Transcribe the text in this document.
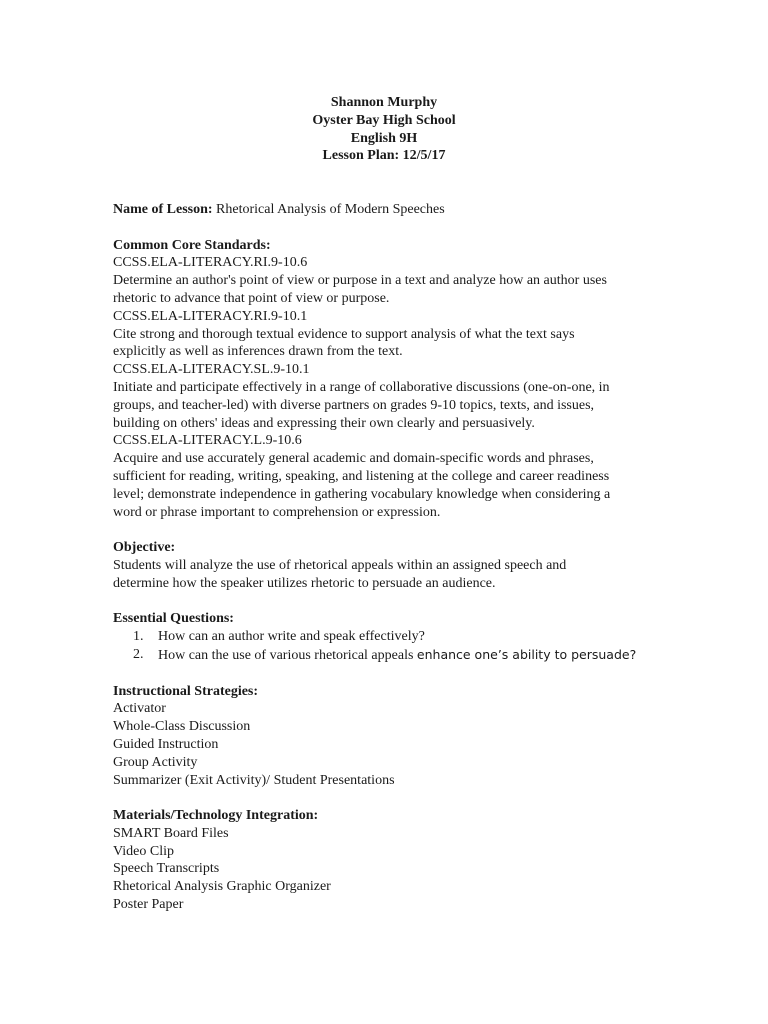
Shannon Murphy
Oyster Bay High School
English 9H
Lesson Plan: 12/5/17
Name of Lesson: Rhetorical Analysis of Modern Speeches
Common Core Standards:
CCSS.ELA-LITERACY.RI.9-10.6
Determine an author's point of view or purpose in a text and analyze how an author uses
rhetoric to advance that point of view or purpose.
CCSS.ELA-LITERACY.RI.9-10.1
Cite strong and thorough textual evidence to support analysis of what the text says
explicitly as well as inferences drawn from the text.
CCSS.ELA-LITERACY.SL.9-10.1
Initiate and participate effectively in a range of collaborative discussions (one-on-one, in
groups, and teacher-led) with diverse partners on grades 9-10 topics, texts, and issues,
building on others' ideas and expressing their own clearly and persuasively.
CCSS.ELA-LITERACY.L.9-10.6
Acquire and use accurately general academic and domain-specific words and phrases,
sufficient for reading, writing, speaking, and listening at the college and career readiness
level; demonstrate independence in gathering vocabulary knowledge when considering a
word or phrase important to comprehension or expression.
Objective:
Students will analyze the use of rhetorical appeals within an assigned speech and
determine how the speaker utilizes rhetoric to persuade an audience.
Essential Questions:
1. How can an author write and speak effectively?
2. How can the use of various rhetorical appeals enhance one’s ability to persuade?
Instructional Strategies:
Activator
Whole-Class Discussion
Guided Instruction
Group Activity
Summarizer (Exit Activity)/ Student Presentations
Materials/Technology Integration:
SMART Board Files
Video Clip
Speech Transcripts
Rhetorical Analysis Graphic Organizer
Poster Paper
